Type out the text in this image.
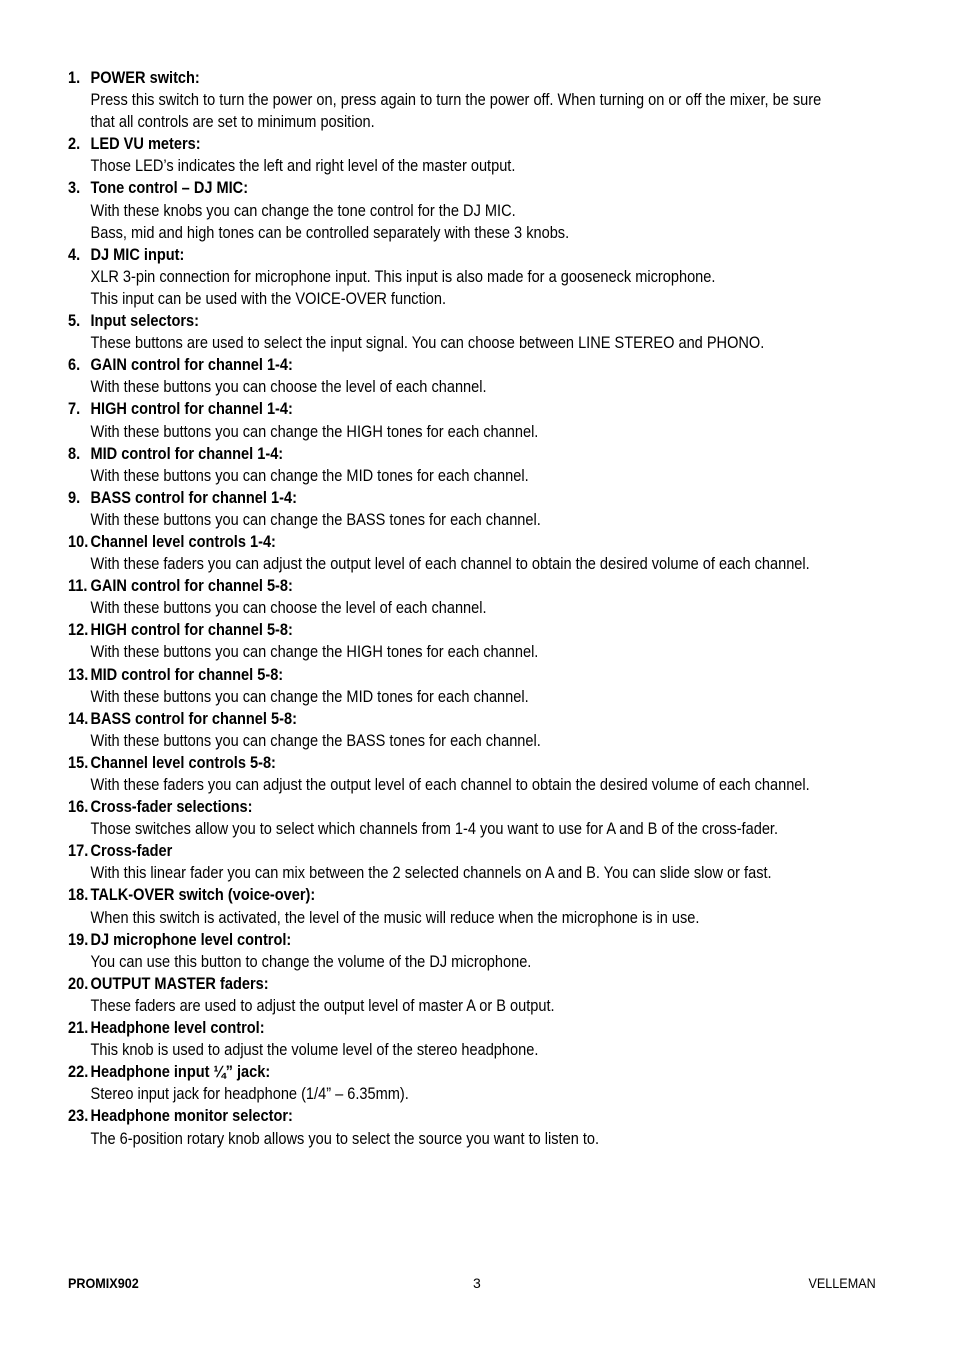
1. POWER switch:
Press this switch to turn the power on, press again to turn the power off. When turning on or off the mixer, be sure
that all controls are set to minimum position.
2. LED VU meters:
Those LED’s indicates the left and right level of the master output.
3. Tone control – DJ MIC:
With these knobs you can change the tone control for the DJ MIC.
Bass, mid and high tones can be controlled separately with these 3 knobs.
4. DJ MIC input:
XLR 3-pin connection for microphone input. This input is also made for a gooseneck microphone.
This input can be used with the VOICE-OVER function.
5. Input selectors:
These buttons are used to select the input signal. You can choose between LINE STEREO and PHONO.
6. GAIN control for channel 1-4:
With these buttons you can choose the level of each channel.
7. HIGH control for channel 1-4:
With these buttons you can change the HIGH tones for each channel.
8. MID control for channel 1-4:
With these buttons you can change the MID tones for each channel.
9. BASS control for channel 1-4:
With these buttons you can change the BASS tones for each channel.
10. Channel level controls 1-4:
With these faders you can adjust the output level of each channel to obtain the desired volume of each channel.
11. GAIN control for channel 5-8:
With these buttons you can choose the level of each channel.
12. HIGH control for channel 5-8:
With these buttons you can change the HIGH tones for each channel.
13. MID control for channel 5-8:
With these buttons you can change the MID tones for each channel.
14. BASS control for channel 5-8:
With these buttons you can change the BASS tones for each channel.
15. Channel level controls 5-8:
With these faders you can adjust the output level of each channel to obtain the desired volume of each channel.
16. Cross-fader selections:
Those switches allow you to select which channels from 1-4 you want to use for A and B of the cross-fader.
17. Cross-fader
With this linear fader you can mix between the 2 selected channels on A and B. You can slide slow or fast.
18. TALK-OVER switch (voice-over):
When this switch is activated, the level of the music will reduce when the microphone is in use.
19. DJ microphone level control:
You can use this button to change the volume of the DJ microphone.
20. OUTPUT MASTER faders:
These faders are used to adjust the output level of master A or B output.
21. Headphone level control:
This knob is used to adjust the volume level of the stereo headphone.
22. Headphone input ¼” jack:
Stereo input jack for headphone (1/4” – 6.35mm).
23. Headphone monitor selector:
The 6-position rotary knob allows you to select the source you want to listen to.
PROMIX902	3	VELLEMAN
